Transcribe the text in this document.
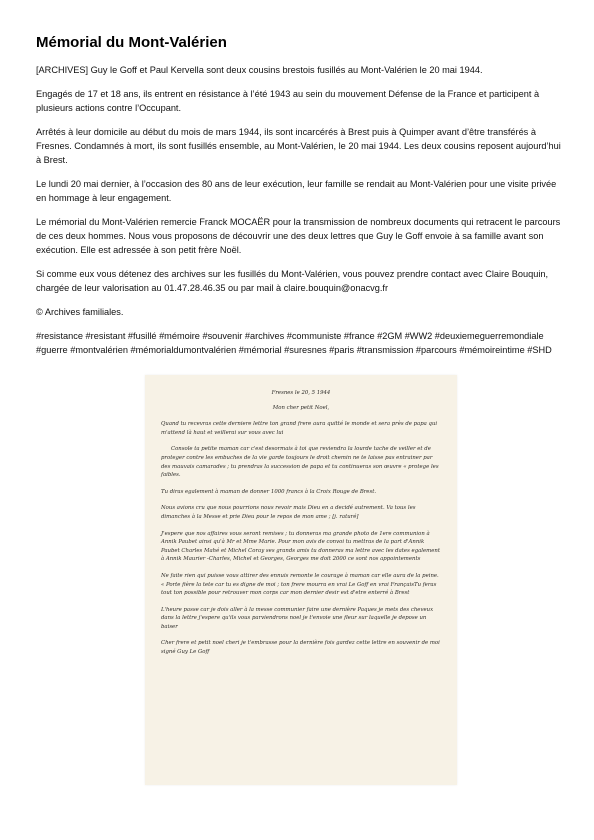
Mémorial du Mont-Valérien

[ARCHIVES] Guy le Goff et Paul Kervella sont deux cousins brestois fusillés au Mont-Valérien le 20 mai 1944.

Engagés de 17 et 18 ans, ils entrent en résistance à l’été 1943 au sein du mouvement Défense de la France et participent à plusieurs actions contre l’Occupant.

Arrêtés à leur domicile au début du mois de mars 1944, ils sont incarcérés à Brest puis à Quimper avant d’être transférés à Fresnes. Condamnés à mort, ils sont fusillés ensemble, au Mont-Valérien, le 20 mai 1944. Les deux cousins reposent aujourd’hui à Brest.

Le lundi 20 mai dernier, à l’occasion des 80 ans de leur exécution, leur famille se rendait au Mont-Valérien pour une visite privée en hommage à leur engagement.

Le mémorial du Mont-Valérien remercie Franck MOCAËR pour la transmission de nombreux documents qui retracent le parcours de ces deux hommes. Nous vous proposons de découvrir une des deux lettres que Guy le Goff envoie à sa famille avant son exécution. Elle est adressée à son petit frère Noël.

Si comme eux vous détenez des archives sur les fusillés du Mont-Valérien, vous pouvez prendre contact avec Claire Bouquin, chargée de leur valorisation au 01.47.28.46.35 ou par mail à claire.bouquin@onacvg.fr

© Archives familiales.

#resistance #resistant #fusillé #mémoire #souvenir #archives #communiste #france #2GM #WW2 #deuxiemeguerremondiale #guerre #montvalérien #mémorialdumontvalérien #mémorial #suresnes #paris #transmission #parcours #mémoireintime #SHD

Fresnes le 20, 5 1944
Mon cher petit Noel,
Quand tu recevras cette derniere lettre ton grand frere aura quitté le monde et sera près de papa qui m'attend là haut et veillerai sur vous avec lui
Console ta petite maman car c'est desormais à toi que reviendra la lourde tache de veiller et de proteger contre les embuches de la vie garde toujours le droit chemin ne te laisse pas entrainer par des mauvais camarades ; tu prendras la succession de papa et tu continueras son œuvre « protege les faibles.
Tu diras egalement à maman de donner 1000 francs à la Croix Rouge de Brest.
Nous avions cru que nous pourrions nous revoir mais Dieu en a decidé autrement. Va tous les dimanches à la Messe et prie Dieu pour le repos de mon ame ; [j. raturé]
J'espere que nos affaires vous seront remises ; tu donneras ma grande photo de 1ere communion à Annik Paubet ainsi qu'à Mr et Mme Marie. Pour mon avis de convoi tu mettras de la part d'Annik Paubet Charles Mahé et Michel Coray ses grands amis tu donneras ma lettre avec les dates egalement à Annik Maurier -Charles, Michel et Georges, Georges me doit 2000 ce sont nos appointements
Ne faite rien qui puisse vous attirer des ennuis remonte le courage à maman car elle aura de la peine. « Porte fière la tete car tu es digne de moi ; ton frere mourra en vrai Le Goff en vrai FrançaisTu feras tout ton possible pour retrouver mon corps car mon dernier desir est d'etre enterré à Brest
L'heure passe car je dois aller à la messe communier faire une dernière Paques je mets des cheveux dans la lettre j'espere qu'ils vous parviendrons noel je t'envoie une fleur sur laquelle je depose un baiser
Cher frere et petit noel cheri je t'embrasse pour la dernière fois gardez cette lettre en souvenir de moi signé Guy Le Goff
